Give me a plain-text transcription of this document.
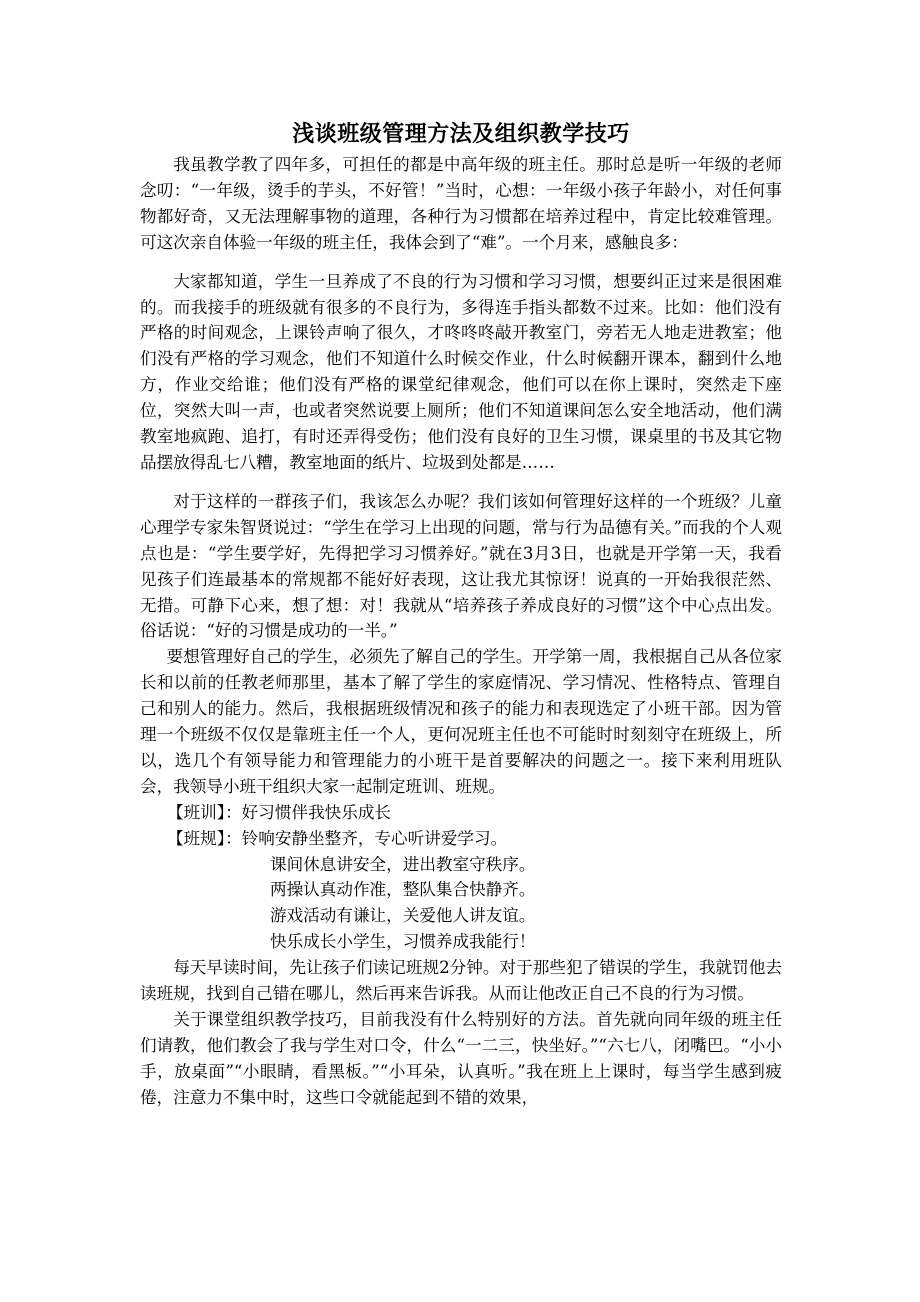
浅谈班级管理方法及组织教学技巧

我虽教学教了四年多，可担任的都是中高年级的班主任。那时总是听一年级的老师念叨：“一年级，烫手的芋头，不好管！”当时，心想：一年级小孩子年龄小，对任何事物都好奇，又无法理解事物的道理，各种行为习惯都在培养过程中，肯定比较难管理。可这次亲自体验一年级的班主任，我体会到了“难”。一个月来，感触良多：

大家都知道，学生一旦养成了不良的行为习惯和学习习惯，想要纠正过来是很困难的。而我接手的班级就有很多的不良行为，多得连手指头都数不过来。比如：他们没有严格的时间观念，上课铃声响了很久，才咚咚咚敲开教室门，旁若无人地走进教室；他们没有严格的学习观念，他们不知道什么时候交作业，什么时候翻开课本，翻到什么地方，作业交给谁；他们没有严格的课堂纪律观念，他们可以在你上课时，突然走下座位，突然大叫一声，也或者突然说要上厕所；他们不知道课间怎么安全地活动，他们满教室地疯跑、追打，有时还弄得受伤；他们没有良好的卫生习惯，课桌里的书及其它物品摆放得乱七八糟，教室地面的纸片、垃圾到处都是……

对于这样的一群孩子们，我该怎么办呢？我们该如何管理好这样的一个班级？儿童心理学专家朱智贤说过：“学生在学习上出现的问题，常与行为品德有关。”而我的个人观点也是：“学生要学好，先得把学习习惯养好。”就在3月3日，也就是开学第一天，我看见孩子们连最基本的常规都不能好好表现，这让我尤其惊讶！说真的一开始我很茫然、无措。可静下心来，想了想：对！我就从“培养孩子养成良好的习惯”这个中心点出发。俗话说：“好的习惯是成功的一半。”

要想管理好自己的学生，必须先了解自己的学生。开学第一周，我根据自己从各位家长和以前的任教老师那里，基本了解了学生的家庭情况、学习情况、性格特点、管理自己和别人的能力。然后，我根据班级情况和孩子的能力和表现选定了小班干部。因为管理一个班级不仅仅是靠班主任一个人，更何况班主任也不可能时时刻刻守在班级上，所以，选几个有领导能力和管理能力的小班干是首要解决的问题之一。接下来利用班队会，我领导小班干组织大家一起制定班训、班规。

【班训】：好习惯伴我快乐成长

【班规】：铃响安静坐整齐，专心听讲爱学习。

课间休息讲安全，进出教室守秩序。

两操认真动作准，整队集合快静齐。

游戏活动有谦让，关爱他人讲友谊。

快乐成长小学生，习惯养成我能行！

每天早读时间，先让孩子们读记班规2分钟。对于那些犯了错误的学生，我就罚他去读班规，找到自己错在哪儿，然后再来告诉我。从而让他改正自己不良的行为习惯。

关于课堂组织教学技巧，目前我没有什么特别好的方法。首先就向同年级的班主任们请教，他们教会了我与学生对口令，什么“一二三，快坐好。”“六七八，闭嘴巴。“小小手，放桌面”“小眼睛，看黑板。”“小耳朵，认真听。”我在班上上课时，每当学生感到疲倦，注意力不集中时，这些口令就能起到不错的效果，
